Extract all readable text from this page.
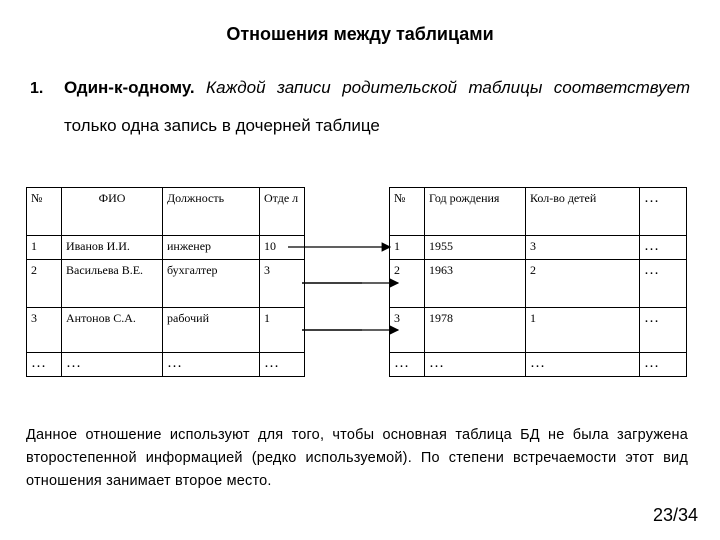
Отношения между таблицами
1. Один-к-одному. Каждой записи родительской таблицы соответствует
только одна запись в дочерней таблице
№	ФИО	Должность	Отде л
1	Иванов И.И.	инженер	10
2	Васильева В.Е.	бухгалтер	3
3	Антонов С.А.	рабочий	1
…	…	…	…
№	Год рождения	Кол-во детей	…
1	1955	3	…
2	1963	2	…
3	1978	1	…
…	…	…	…
Данное отношение используют для того, чтобы основная таблица БД не была загружена второстепенной информацией (редко используемой). По степени встречаемости этот вид отношения занимает второе место.
23/34
